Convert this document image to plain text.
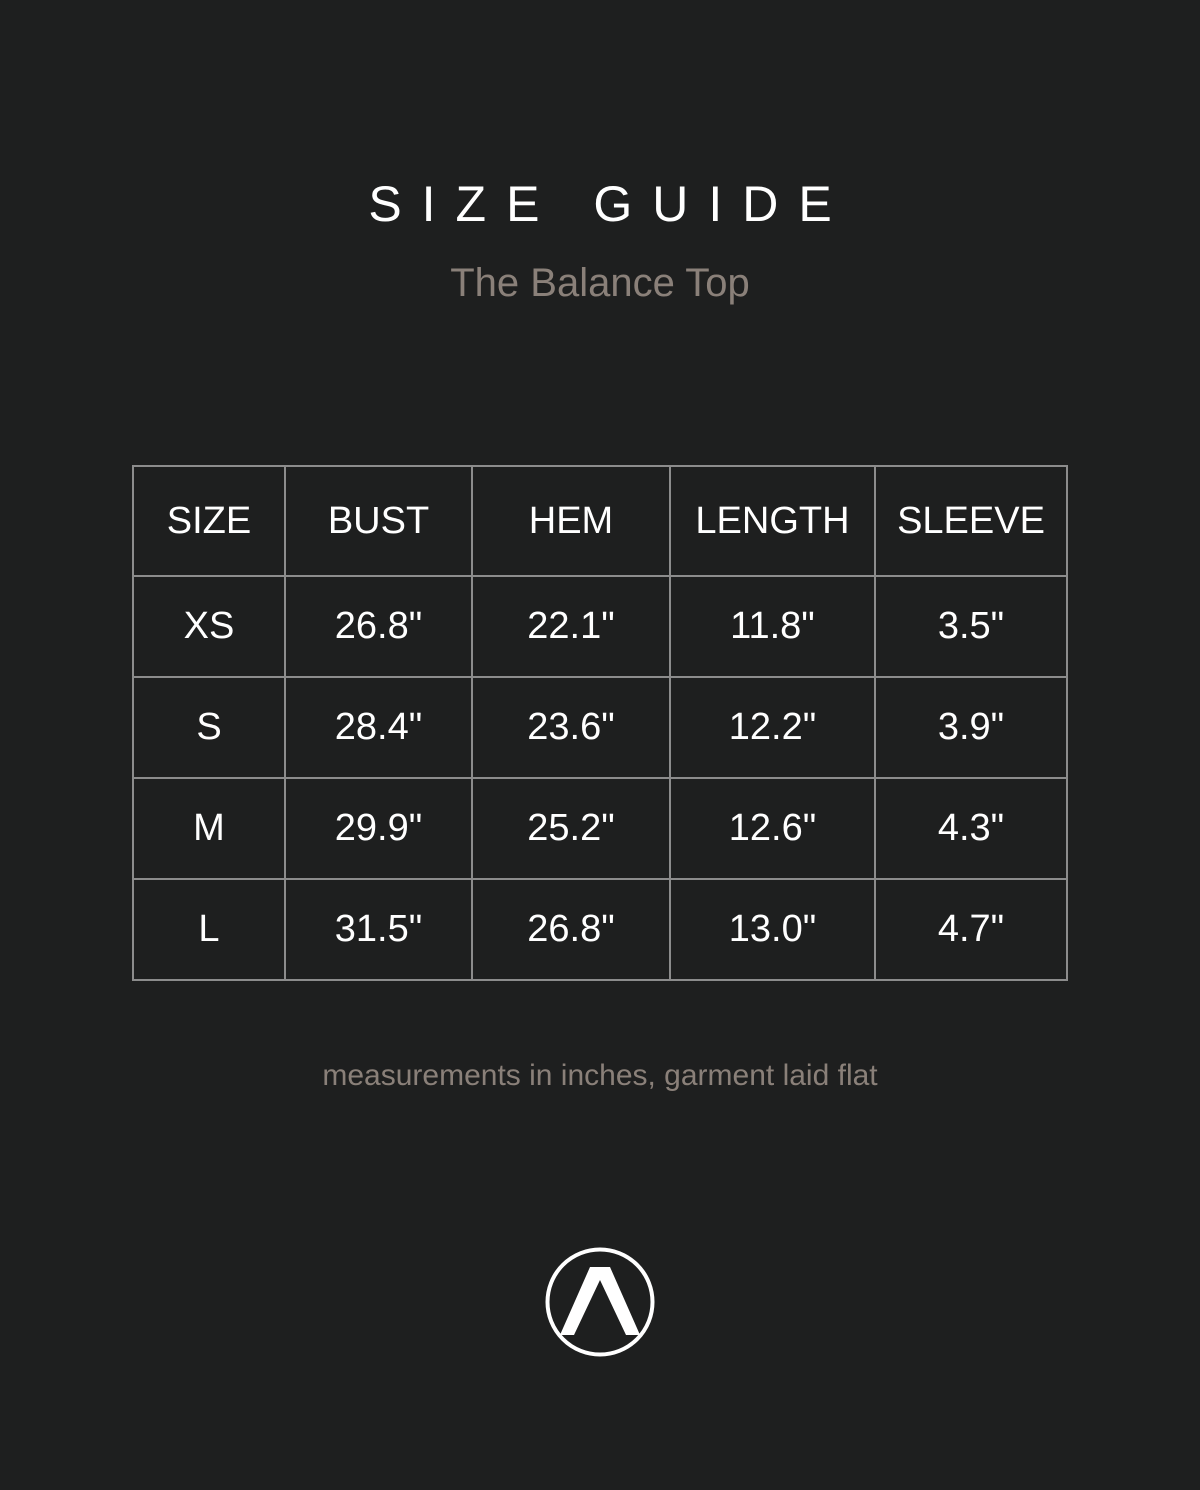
SIZE GUIDE

The Balance Top

SIZE	BUST	HEM	LENGTH	SLEEVE
XS	26.8"	22.1"	11.8"	3.5"
S	28.4"	23.6"	12.2"	3.9"
M	29.9"	25.2"	12.6"	4.3"
L	31.5"	26.8"	13.0"	4.7"

measurements in inches, garment laid flat
